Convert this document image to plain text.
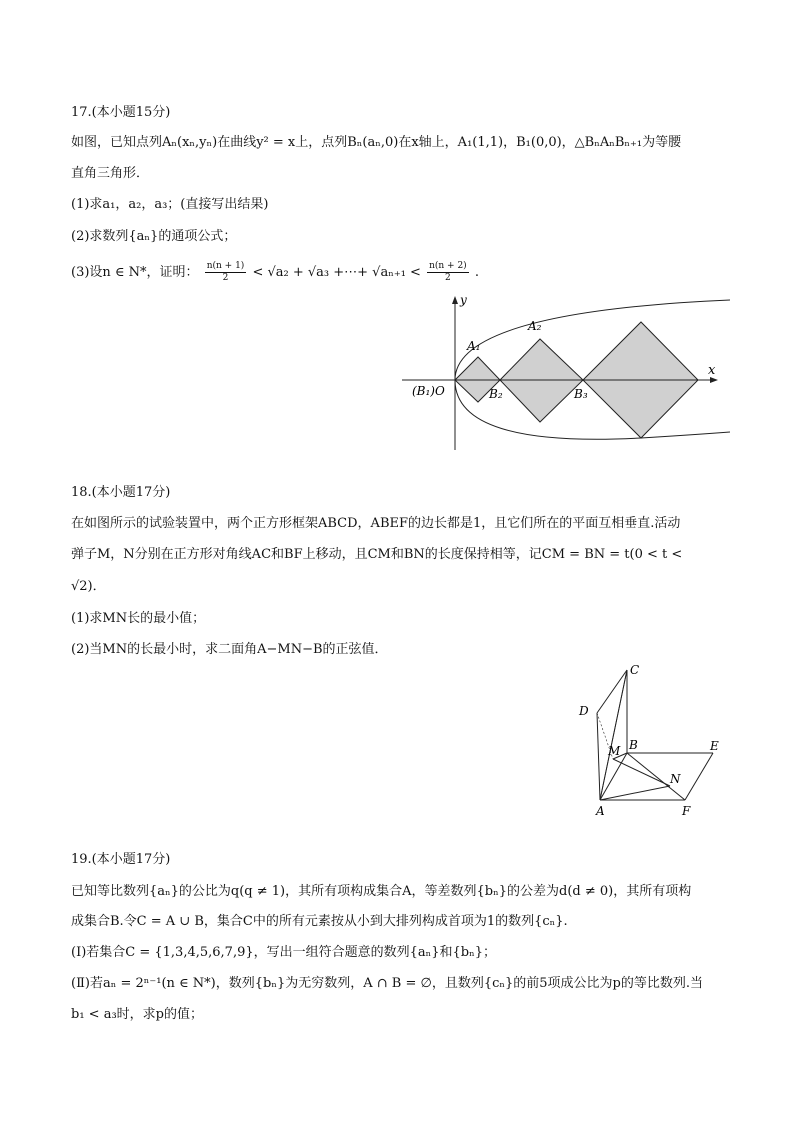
17.(本小题15分)
如图，已知点列Aₙ(xₙ,yₙ)在曲线y² = x上，点列Bₙ(aₙ,0)在x轴上，A₁(1,1)，B₁(0,0)，△BₙAₙBₙ₊₁为等腰
直角三角形．
(1)求a₁，a₂，a₃；(直接写出结果)
(2)求数列{aₙ}的通项公式；
(3)设n ∈ N*，证明： $\frac{n(n + 1)}{2} < √a_2 + √a_3$ +⋯+ $√a_{n+1} < \frac{n(n + 2)}{2}$ .
y
x
A₁
A₂
(B₁)O	B₂	B₃
18.(本小题17分)
在如图所示的试验装置中，两个正方形框架ABCD，ABEF的边长都是1，且它们所在的平面互相垂直.活动
弹子M，N分别在正方形对角线AC和BF上移动，且CM和BN的长度保持相等，记CM = BN = t(0 < t <
√2)．
(1)求MN长的最小值；
(2)当MN的长最小时，求二面角A−MN−B的正弦值．
A
B
C
D
E
F
M
N
19.(本小题17分)
已知等比数列{aₙ}的公比为q(q ≠ 1)，其所有项构成集合A，等差数列{bₙ}的公差为d(d ≠ 0)，其所有项构
成集合B.令C = A ∪ B，集合C中的所有元素按从小到大排列构成首项为1的数列{cₙ}.
(Ⅰ)若集合C = {1,3,4,5,6,7,9}，写出一组符合题意的数列{aₙ}和{bₙ}；
(Ⅱ)若aₙ = 2ⁿ⁻¹(n ∈ N*)，数列{bₙ}为无穷数列，A ∩ B = ∅，且数列{cₙ}的前5项成公比为p的等比数列.当
b₁ < a₃时，求p的值；
